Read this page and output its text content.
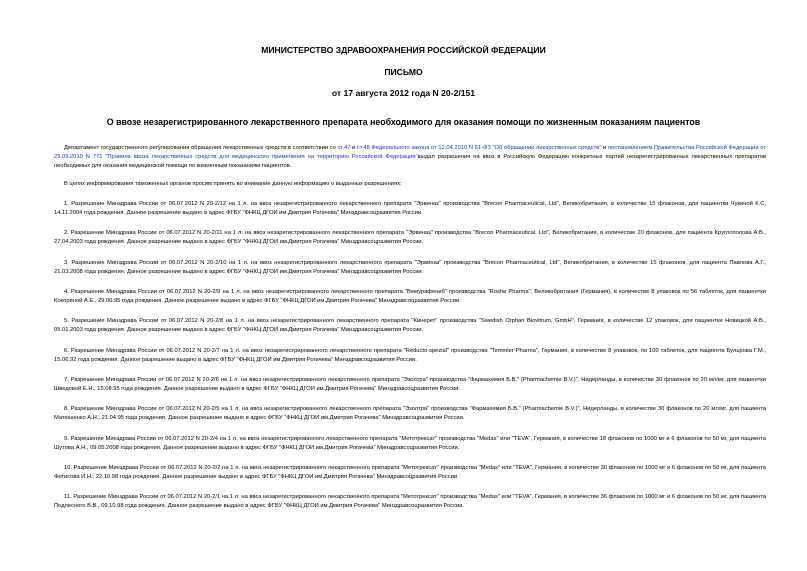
МИНИСТЕРСТВО ЗДРАВООХРАНЕНИЯ РОССИЙСКОЙ ФЕДЕРАЦИИ
ПИСЬМО
от 17 августа 2012 года N 20-2/151
О ввозе незарегистрированного лекарственного препарата необходимого для оказания помощи по жизненным показаниям пациентов

Департамент государственного регулирования обращения лекарственных средств в соответствии со ст.47 и ст.48 Федерального закона от 12.04.2010 N 61-ФЗ "Об обращении лекарственных средств" и постановлением Правительства Российской Федерации от 29.09.2010 N 771 "Правила ввоза лекарственных средств для медицинского применения на территорию Российской Федерации"выдал разрешения на ввоз в Российскую Федерацию конкретных партий незарегистрированных лекарственных препаратов необходимых для оказания медицинской помощи по жизненным показаниям пациентов.

В целях информирования таможенных органов просим принять во внимание данную информацию о выданных разрешениях:

1. Разрешение Минздрава России от 06.07.2012 N 20-2/12 на 1 л. на ввоз незарегистрированного лекарственного препарата "Эрвиназ" производства "Brecon Pharmaceutical, Ltd", Великобритания, в количестве 15 флаконов, для пациентки Чукиной К.С, 14.11.2004 года рождения. Данное разрешение выдано в адрес ФГБУ "ФНКЦ ДГОИ им.Дмитрия Рогачева" Минздравсоцразвития России.

2. Разрешение Минздрава России от 06.07.2012 N 20-2/11 на 1 л. на ввоз незарегистрированного лекарственного препарата "Эрвиназ" производства "Brecon Pharmaceutical, Ltd", Великобритания, в количестве 20 флаконов, для пациента Круглополова А.В., 27.04.2003 года рождения. Данное разрешение выдано в адрес ФГБУ "ФНКЦ ДГОИ им.Дмитрия Рогачева" Минздравсоцразвития России.

3. Разрешение Минздрава России от 06.07.2012 N 20-2/10 на 1 л. на ввоз незарегистрированного лекарственного препарата "Эрвиназ" производства "Brecon Pharmaceutical, Ltd", Великобритания, в количестве 15 флаконов, для пациента Павлова А.Г., 21.03.2008 года рождения. Данное разрешение выдано в адрес ФГБУ "ФНКЦ ДГОИ им.Дмитрия Рогачева" Минздравсоцразвития России.

4. Разрешение Минздрава России от 06.07.2012 N 20-2/9 на 1 л. на ввоз незарегистрированного лекарственного препарата "Вемурафениб" производства "Roshe Pharma", Великобритания (Германия), в количестве 8 упаковок по 56 таблеток, для пациентки Кокориной А.Е., 29.06.95 года рождения. Данное разрешение выдано в адрес ФГБУ "ФНКЦ ДГОИ им.Дмитрия Рогачева" Минздравсоцразвития России.

5. Разрешение Минздрава России от 06.07.2012 N 20-2/8 на 1 л. на ввоз незарегистрированного лекарственного препарата "Кинерет" производства "Swedish Orphan Biovitrum, GmbH", Германия, в количестве 12 упаковок, для пациентки Новицкой А.В., 05.01.2003 года рождения. Данное разрешение выдано в адрес ФГБУ "ФНКЦ ДГОИ им.Дмитрия Рогачева" Минздравсоцразвития России.

6. Разрешение Минздрава России от 06.07.2012 N 20-2/7 на 1 л. на ввоз незарегистрированного лекарственного препарата "Reducto-spezial" производства "Temmler Pharma", Германия, в количестве 8 упаковок, по 100 таблеток, для пациента Бульрова Г.М., 15.06.92 года рождения. Данное разрешение выдано в адрес ФГБУ "ФНКЦ ДГОИ им.Дмитрия Рогачева" Минздравсоцразвития России.

7. Разрешение Минздрава России от 06.07.2012 N 20-2/6 на 1 л. на ввоз незарегистрированного лекарственного препарата "Эзолтра" производства "Фармахемия Б.В." (Pharmachemie B.V.)", Нидерланды, в количестве 30 флаконов по 20 мл/мг, для пациентки Шведовой Е.Н., 15.08.95 года рождения. Данное разрешение выдано в адрес ФГБУ "ФНКЦ ДГОИ им.Дмитрия Рогачева" Минздравсоцразвития России.

8. Разрешение Минздрава России от 06.07.2012 N 20-2/5 на 1 л. на ввоз незарегистрированного лекарственного препарата "Эзолтра" производства "Фармахемия Б.В." (Pharmachemie B.V.)", Нидерланды, в количестве 30 флаконов по 20 мл/мг, для пациента Матюшенко А.Н., 21.04.95 года рождения. Данное разрешение выдано в адрес ФГБУ "ФНКЦ ДГОИ им.Дмитрия Рогачева" Минздравсоцразвития России.

9. Разрешение Минздрава России от 06.07.2012 N 20-2/4 на 1 л. на ввоз незарегистрированного лекарственного препарата "Метотрексат" производства "Medas" или "TEVA", Германия, в количестве 18 флаконов по 1000 мг и 6 флаконов по 50 мг, для пациента Шутова А.Н., 09.05.2008 года рождения. Данное разрешение выдано в адрес ФГБУ "ФНКЦ ДГОИ им.Дмитрия Рогачева" Минздравсоцразвития России.

10. Разрешение Минздрава России от 06.07.2012 N 20-2/2 на 1 л. на ввоз незарегистрированного лекарственного препарата "Метотрексат" производства "Medas" или "TEVA", Германия, в количестве 30 флаконов по 1000 мг и 6 флаконов по 50 мг, для пациента Фетисова И.Н., 22.10.98 года рождения. Данное разрешение выдано в адрес ФГБУ "ФНКЦ ДГОИ им.Дмитрия Рогачева" Минздравсоцразвития России.

11. Разрешение Минздрава России от 06.07.2012 N 20-2/1 на 1 л. на ввоз незарегистрированного лекарственного препарата "Метотрексат" производства "Medas" или "TEVA", Германия, в количестве 36 флаконов по 1000 мг и 6 флаконов по 50 мг, для пациента Подлесного В.В., 09.10.98 года рождения. Данное разрешение выдано в адрес ФГБУ "ФНКЦ ДГОИ им.Дмитрия Рогачева" Минздравсоцразвития России.
